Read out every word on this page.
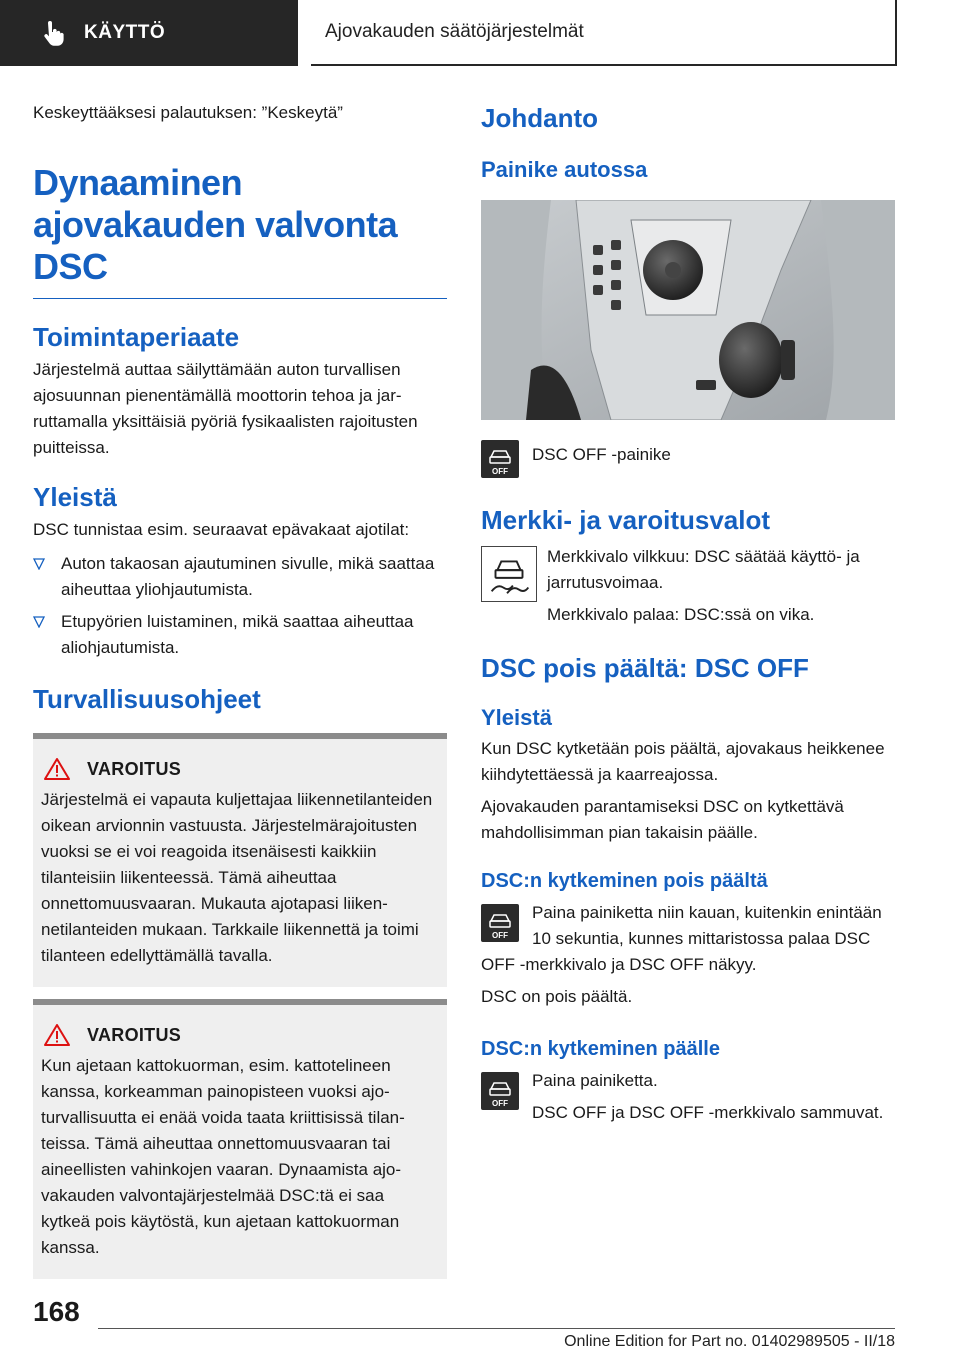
KÄYTTÖ	Ajovakauden säätöjärjestelmät

Keskeyttääksesi palautuksen: ”Keskeytä”

Dynaaminen ajovakauden valvonta DSC
Toimintaperiaate

Järjestelmä auttaa säilyttämään auton turvallisen ajosuunnan pienentämällä moottorin tehoa ja jarruttamalla yksittäisiä pyöriä fysikaalisten rajoitusten puitteissa.

Yleistä

DSC tunnistaa esim. seuraavat epävakaat ajotilat:

Auton takaosan ajautuminen sivulle, mikä saattaa aiheuttaa yliohjautumista.

Etupyörien luistaminen, mikä saattaa aiheuttaa aliohjautumista.

Turvallisuusohjeet
VAROITUS

Järjestelmä ei vapauta kuljettajaa liikennetilanteiden oikean arvionnin vastuusta. Järjestelmärajoitusten vuoksi se ei voi reagoida itsenäisesti kaikkiin tilanteisiin liikenteessä. Tämä aiheuttaa onnettomuusvaaran. Mukauta ajotapasi liikennetilanteiden mukaan. Tarkkaile liikennettä ja toimi tilanteen edellyttämällä tavalla.

VAROITUS

Kun ajetaan kattokuorman, esim. kattotelineen kanssa, korkeamman painopisteen vuoksi ajoturvallisuutta ei enää voida taata kriittisissä tilanteissa. Tämä aiheuttaa onnettomuusvaaran tai aineellisten vahinkojen vaaran. Dynaamista ajovakauden valvontajärjestelmää DSC:tä ei saa kytkeä pois käytöstä, kun ajetaan kattokuorman kanssa.

Johdanto
Painike autossa
OFF

DSC OFF -painike

Merkki- ja varoitusvalot

Merkkivalo vilkkuu: DSC säätää käyttö- ja jarrutusvoimaa.

Merkkivalo palaa: DSC:ssä on vika.

DSC pois päältä: DSC OFF
Yleistä

Kun DSC kytketään pois päältä, ajovakaus heikkenee kiihdytettäessä ja kaarreajossa.

Ajovakauden parantamiseksi DSC on kytkettävä mahdollisimman pian takaisin päälle.

DSC:n kytkeminen pois päältä
OFF

Paina painiketta niin kauan, kuitenkin enintään 10 sekuntia, kunnes mittaristossa palaa DSC OFF -merkkivalo ja DSC OFF näkyy.

DSC on pois päältä.

DSC:n kytkeminen päälle
OFF

Paina painiketta.

DSC OFF ja DSC OFF -merkkivalo sammuvat.

168
Online Edition for Part no. 01402989505 - II/18
